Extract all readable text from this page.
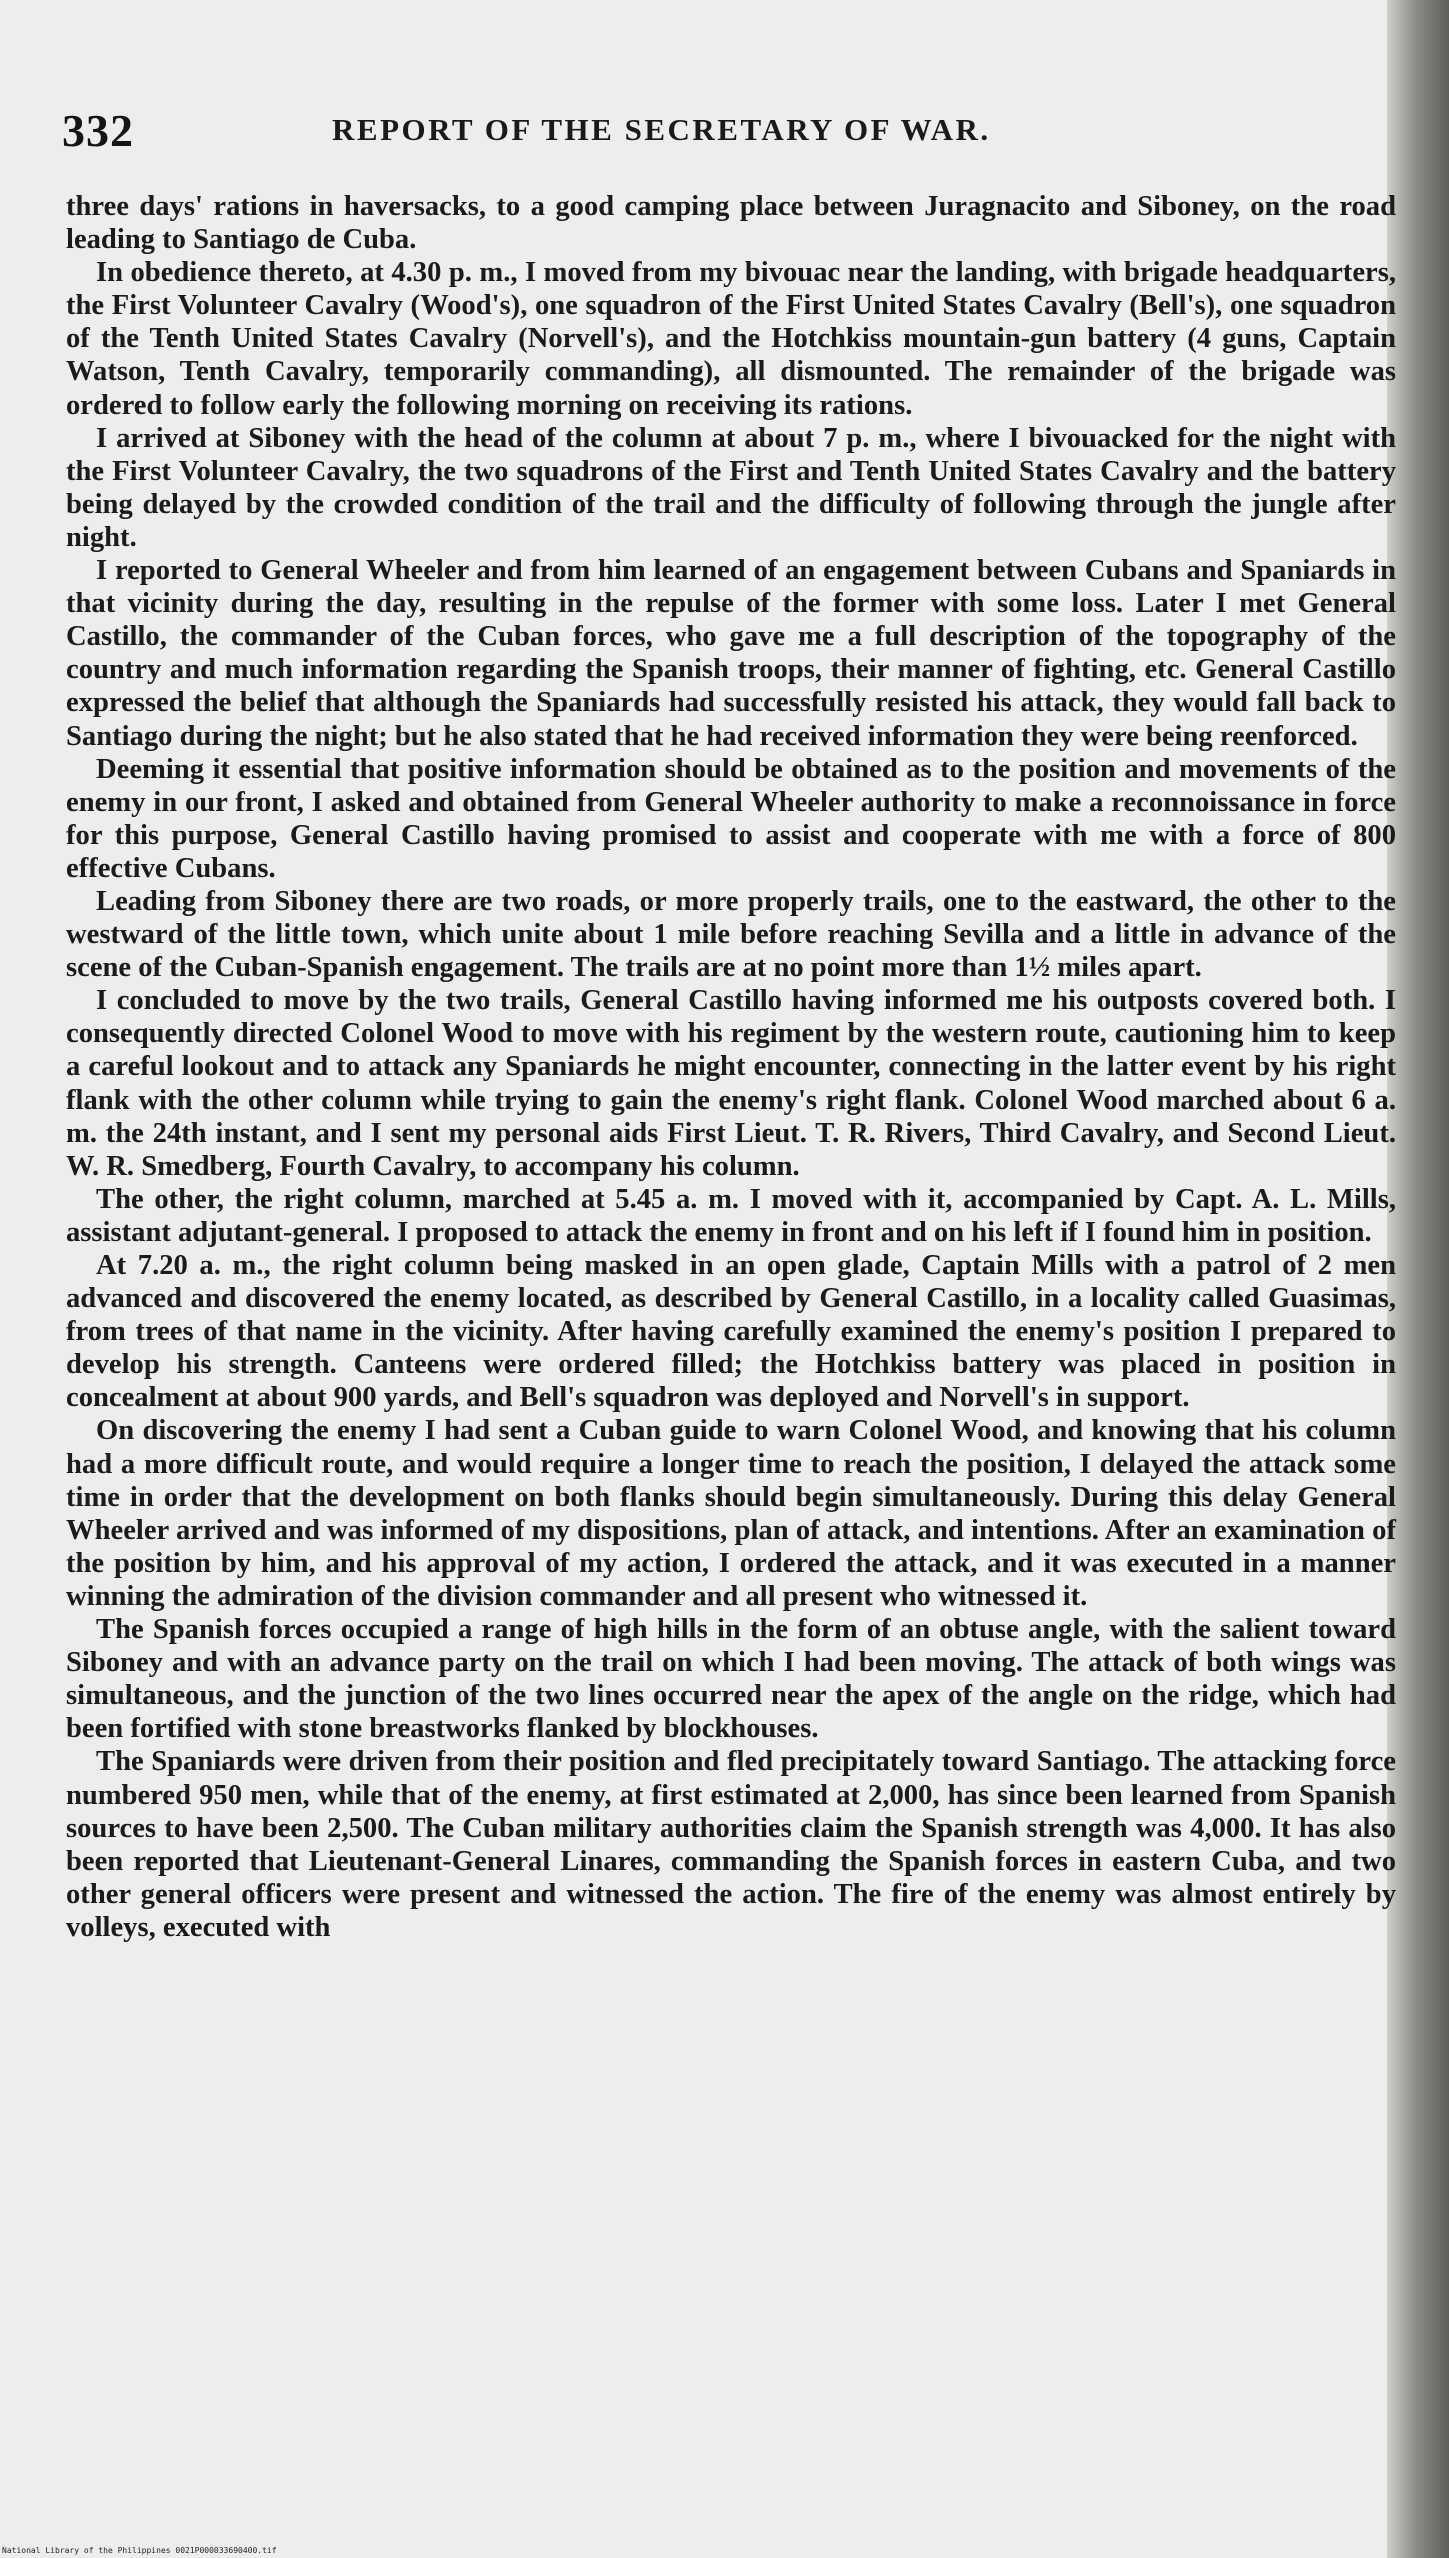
332	REPORT OF THE SECRETARY OF WAR.

three days' rations in haversacks, to a good camping place between Juragnacito and Siboney, on the road leading to Santiago de Cuba.

In obedience thereto, at 4.30 p. m., I moved from my bivouac near the landing, with brigade headquarters, the First Volunteer Cavalry (Wood's), one squadron of the First United States Cavalry (Bell's), one squadron of the Tenth United States Cavalry (Norvell's), and the Hotchkiss mountain-gun battery (4 guns, Captain Watson, Tenth Cavalry, temporarily commanding), all dismounted. The remainder of the brigade was ordered to follow early the following morning on receiving its rations.

I arrived at Siboney with the head of the column at about 7 p. m., where I bivouacked for the night with the First Volunteer Cavalry, the two squadrons of the First and Tenth United States Cavalry and the battery being delayed by the crowded condition of the trail and the difficulty of following through the jungle after night.

I reported to General Wheeler and from him learned of an engagement between Cubans and Spaniards in that vicinity during the day, resulting in the repulse of the former with some loss. Later I met General Castillo, the commander of the Cuban forces, who gave me a full description of the topography of the country and much information regarding the Spanish troops, their manner of fighting, etc. General Castillo expressed the belief that although the Spaniards had successfully resisted his attack, they would fall back to Santiago during the night; but he also stated that he had received information they were being reenforced.

Deeming it essential that positive information should be obtained as to the position and movements of the enemy in our front, I asked and obtained from General Wheeler authority to make a reconnoissance in force for this purpose, General Castillo having promised to assist and cooperate with me with a force of 800 effective Cubans.

Leading from Siboney there are two roads, or more properly trails, one to the eastward, the other to the westward of the little town, which unite about 1 mile before reaching Sevilla and a little in advance of the scene of the Cuban-Spanish engagement. The trails are at no point more than 1½ miles apart.

I concluded to move by the two trails, General Castillo having informed me his outposts covered both. I consequently directed Colonel Wood to move with his regiment by the western route, cautioning him to keep a careful lookout and to attack any Spaniards he might encounter, connecting in the latter event by his right flank with the other column while trying to gain the enemy's right flank. Colonel Wood marched about 6 a. m. the 24th instant, and I sent my personal aids First Lieut. T. R. Rivers, Third Cavalry, and Second Lieut. W. R. Smedberg, Fourth Cavalry, to accompany his column.

The other, the right column, marched at 5.45 a. m. I moved with it, accompanied by Capt. A. L. Mills, assistant adjutant-general. I proposed to attack the enemy in front and on his left if I found him in position.

At 7.20 a. m., the right column being masked in an open glade, Captain Mills with a patrol of 2 men advanced and discovered the enemy located, as described by General Castillo, in a locality called Guasimas, from trees of that name in the vicinity. After having carefully examined the enemy's position I prepared to develop his strength. Canteens were ordered filled; the Hotchkiss battery was placed in position in concealment at about 900 yards, and Bell's squadron was deployed and Norvell's in support.

On discovering the enemy I had sent a Cuban guide to warn Colonel Wood, and knowing that his column had a more difficult route, and would require a longer time to reach the position, I delayed the attack some time in order that the development on both flanks should begin simultaneously. During this delay General Wheeler arrived and was informed of my dispositions, plan of attack, and intentions. After an examination of the position by him, and his approval of my action, I ordered the attack, and it was executed in a manner winning the admiration of the division commander and all present who witnessed it.

The Spanish forces occupied a range of high hills in the form of an obtuse angle, with the salient toward Siboney and with an advance party on the trail on which I had been moving. The attack of both wings was simultaneous, and the junction of the two lines occurred near the apex of the angle on the ridge, which had been fortified with stone breastworks flanked by blockhouses.

The Spaniards were driven from their position and fled precipitately toward Santiago. The attacking force numbered 950 men, while that of the enemy, at first estimated at 2,000, has since been learned from Spanish sources to have been 2,500. The Cuban military authorities claim the Spanish strength was 4,000. It has also been reported that Lieutenant-General Linares, commanding the Spanish forces in eastern Cuba, and two other general officers were present and witnessed the action. The fire of the enemy was almost entirely by volleys, executed with

National Library of the Philippines 0021P000033690400.tif
